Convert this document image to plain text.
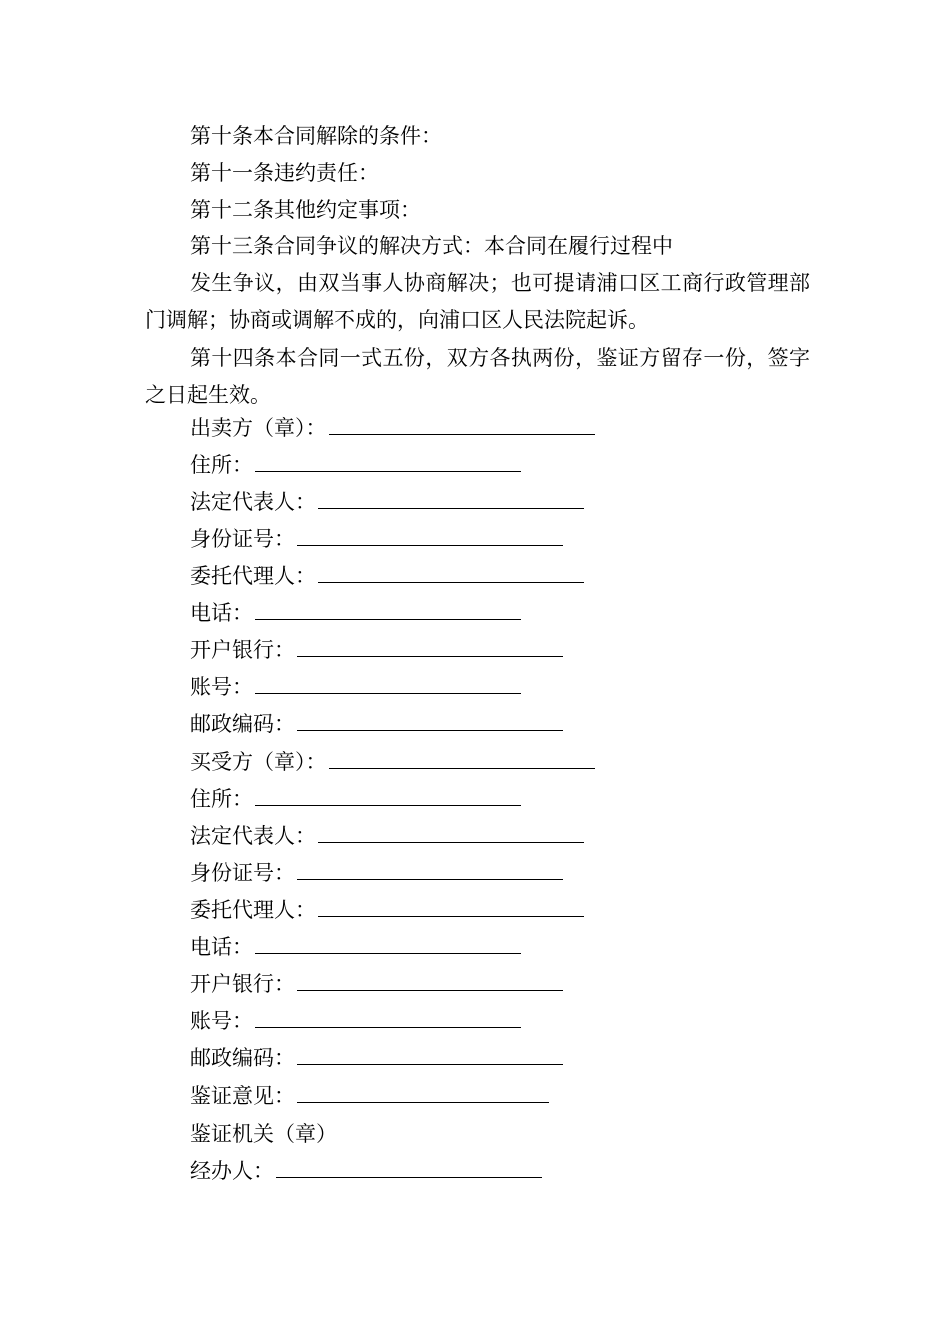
第十条本合同解除的条件：
第十一条违约责任：
第十二条其他约定事项：
第十三条合同争议的解决方式：本合同在履行过程中

发生争议，由双当事人协商解决；也可提请浦口区工商行政管理部门调解；协商或调解不成的，向浦口区人民法院起诉。

第十四条本合同一式五份，双方各执两份，鉴证方留存一份，签字之日起生效。

出卖方（章）：
住所：
法定代表人：
身份证号：
委托代理人：
电话：
开户银行：
账号：
邮政编码：
买受方（章）：
住所：
法定代表人：
身份证号：
委托代理人：
电话：
开户银行：
账号：
邮政编码：
鉴证意见：
鉴证机关（章）
经办人：
